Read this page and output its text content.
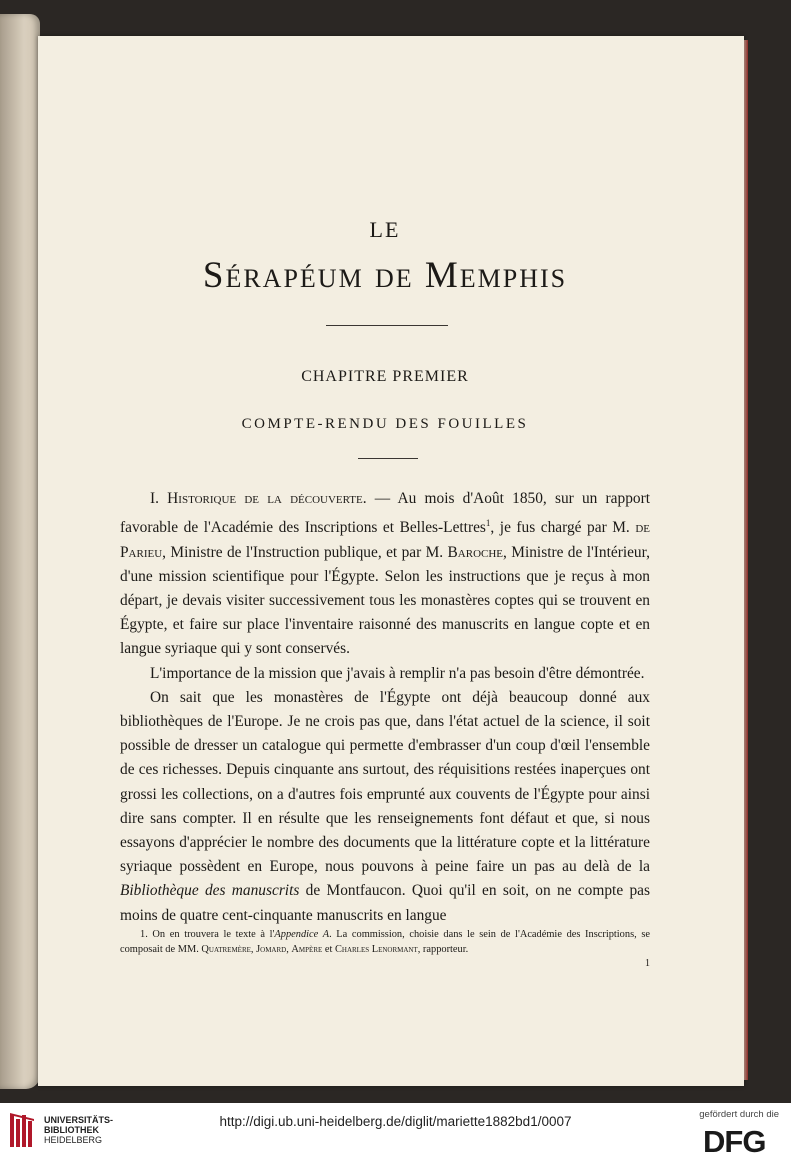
LE
Sérapéum de Memphis
CHAPITRE PREMIER
COMPTE-RENDU DES FOUILLES

I. Historique de la découverte. — Au mois d'Août 1850, sur un rapport favorable de l'Académie des Inscriptions et Belles-Lettres$^1$, je fus chargé par M. de Parieu, Ministre de l'Instruction publique, et par M. Baroche, Ministre de l'Intérieur, d'une mission scientifique pour l'Égypte. Selon les instructions que je reçus à mon départ, je devais visiter successivement tous les monastères coptes qui se trouvent en Égypte, et faire sur place l'inventaire raisonné des manuscrits en langue copte et en langue syriaque qui y sont conservés.

L'importance de la mission que j'avais à remplir n'a pas besoin d'être démontrée.

On sait que les monastères de l'Égypte ont déjà beaucoup donné aux bibliothèques de l'Europe. Je ne crois pas que, dans l'état actuel de la science, il soit possible de dresser un catalogue qui permette d'embrasser d'un coup d'œil l'ensemble de ces richesses. Depuis cinquante ans surtout, des réquisitions restées inaperçues ont grossi les collections, on a d'autres fois emprunté aux couvents de l'Égypte pour ainsi dire sans compter. Il en résulte que les renseignements font défaut et que, si nous essayons d'apprécier le nombre des documents que la littérature copte et la littérature syriaque possèdent en Europe, nous pouvons à peine faire un pas au delà de la Bibliothèque des manuscrits de Montfaucon. Quoi qu'il en soit, on ne compte pas moins de quatre cent-cinquante manuscrits en langue

1. On en trouvera le texte à l'Appendice A. La commission, choisie dans le sein de l'Académie des Inscriptions, se composait de MM. Quatremère, Jomard, Ampère et Charles Lenormant, rapporteur.
1
UNIVERSITÄTS-
BIBLIOTHEK
HEIDELBERG
http://digi.ub.uni-heidelberg.de/diglit/mariette1882bd1/0007	gefördert durch die
DFG
